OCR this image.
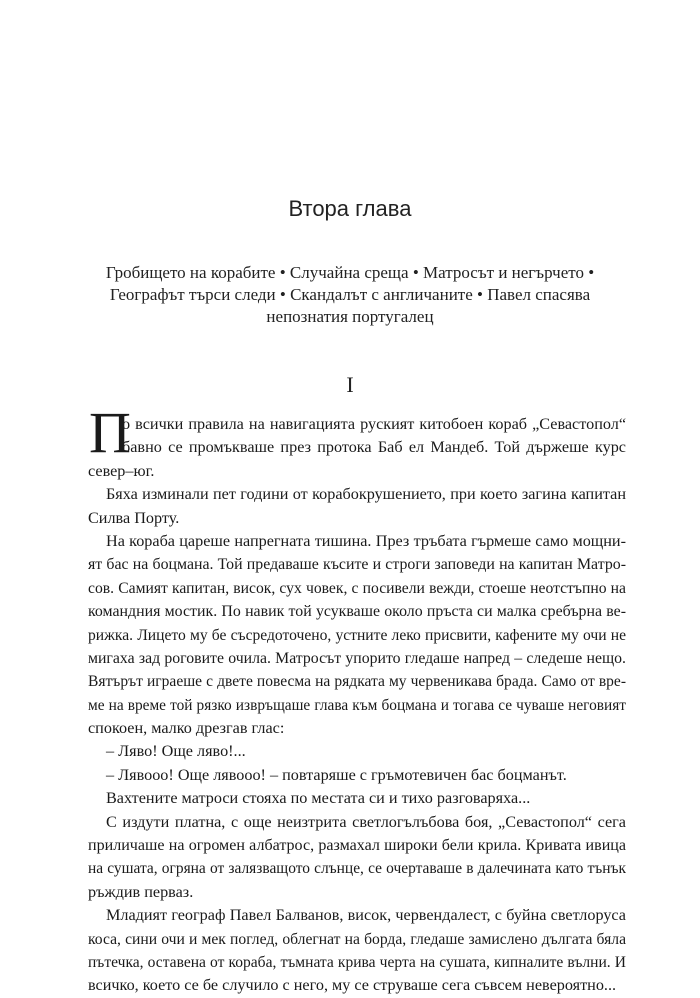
Втора глава
Гробището на корабите • Случайна среща • Матросът и негърчето •
Географът търси следи • Скандалът с англичаните • Павел спасява
непознатия португалец
I
П
о всички правила на навигацията руският китобоен кораб „Севастопол“
бавно се промъкваше през протока Баб ел Мандеб. Той държеше курс
север–юг.
Бяха изминали пет години от корабокрушението, при което загина капитан
Силва Порту.
На кораба цареше напрегната тишина. През тръбата гърмеше само мощни-
ят бас на боцмана. Той предаваше късите и строги заповеди на капитан Матро-
сов. Самият капитан, висок, сух човек, с посивели вежди, стоеше неотстъпно на
командния мостик. По навик той усукваше около пръста си малка сребърна ве-
рижка. Лицето му бе съсредоточено, устните леко присвити, кафените му очи не
мигаха зад роговите очила. Матросът упорито гледаше напред – следеше нещо.
Вятърът играеше с двете повесма на рядката му червеникава брада. Само от вре-
ме на време той рязко извръщаше глава към боцмана и тогава се чуваше неговият
спокоен, малко дрезгав глас:
– Ляво! Още ляво!...
– Лявооо! Още лявооо! – повтаряше с гръмотевичен бас боцманът.
Вахтените матроси стояха по местата си и тихо разговаряха...
С издути платна, с още неизтрита светлогълъбова боя, „Севастопол“ сега
приличаше на огромен албатрос, размахал широки бели крила. Кривата ивица
на сушата, огряна от залязващото слънце, се очертаваше в далечината като тънък
ръждив перваз.
Младият географ Павел Балванов, висок, червендалест, с буйна светлоруса
коса, сини очи и мек поглед, облегнат на борда, гледаше замислено дългата бяла
пътечка, оставена от кораба, тъмната крива черта на сушата, кипналите вълни. И
всичко, което се бе случило с него, му се струваше сега съвсем невероятно...
